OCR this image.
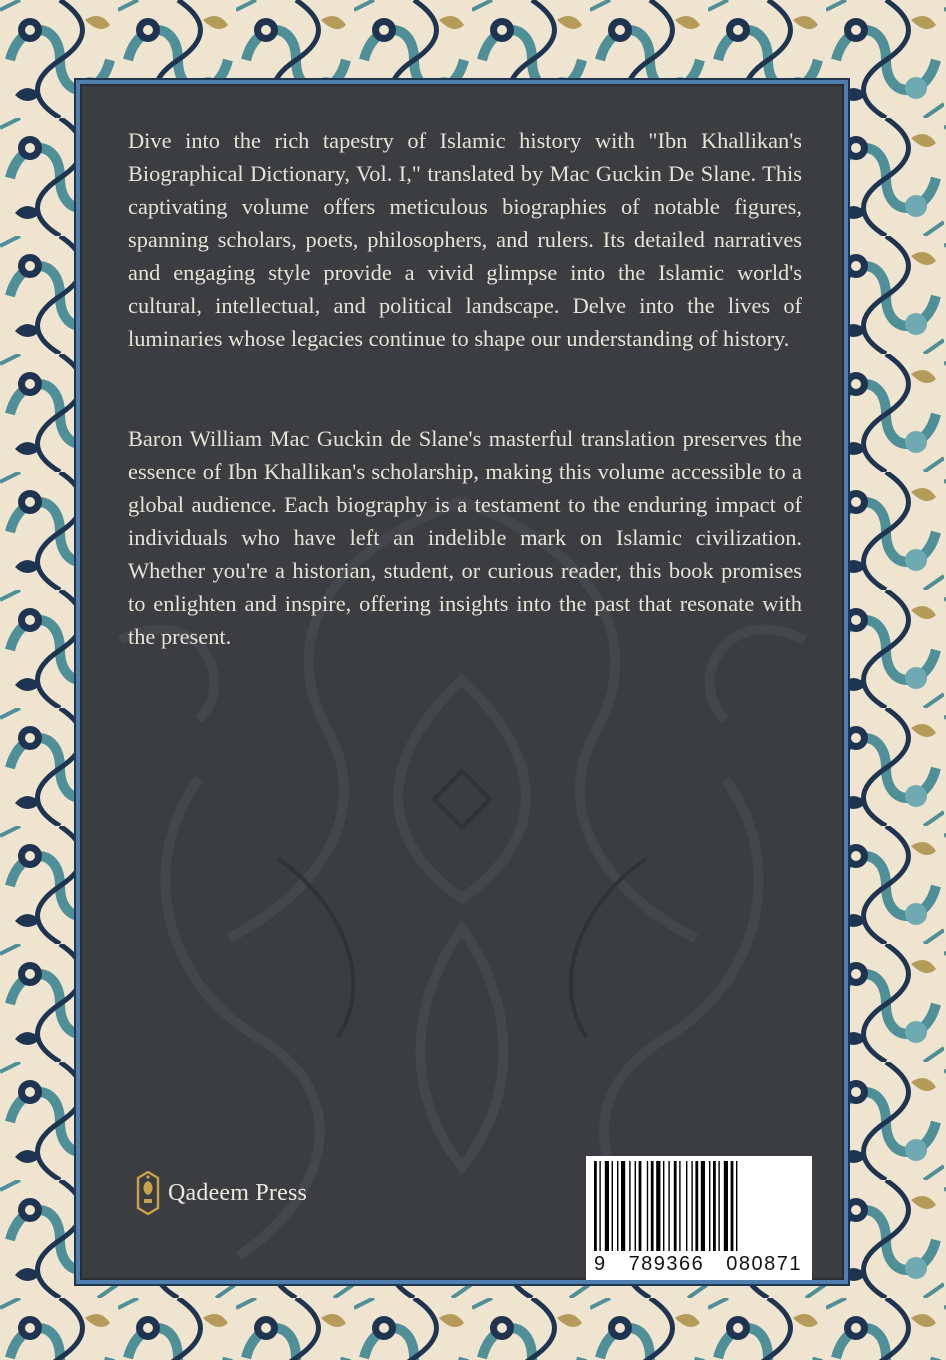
Dive into the rich tapestry of Islamic history with "Ibn Khallikan's Biographical Dictionary, Vol. I," translated by Mac Guckin De Slane. This captivating volume offers meticulous biographies of notable figures, spanning scholars, poets, philosophers, and rulers. Its detailed narratives and engaging style provide a vivid glimpse into the Islamic world's cultural, intellectual, and political landscape. Delve into the lives of luminaries whose legacies continue to shape our understanding of history.

Baron William Mac Guckin de Slane's masterful translation preserves the essence of Ibn Khallikan's scholarship, making this volume accessible to a global audience. Each biography is a testament to the enduring impact of individuals who have left an indelible mark on Islamic civilization. Whether you're a historian, student, or curious reader, this book promises to enlighten and inspire, offering insights into the past that resonate with the present.

Qadeem Press
9 789366 080871
